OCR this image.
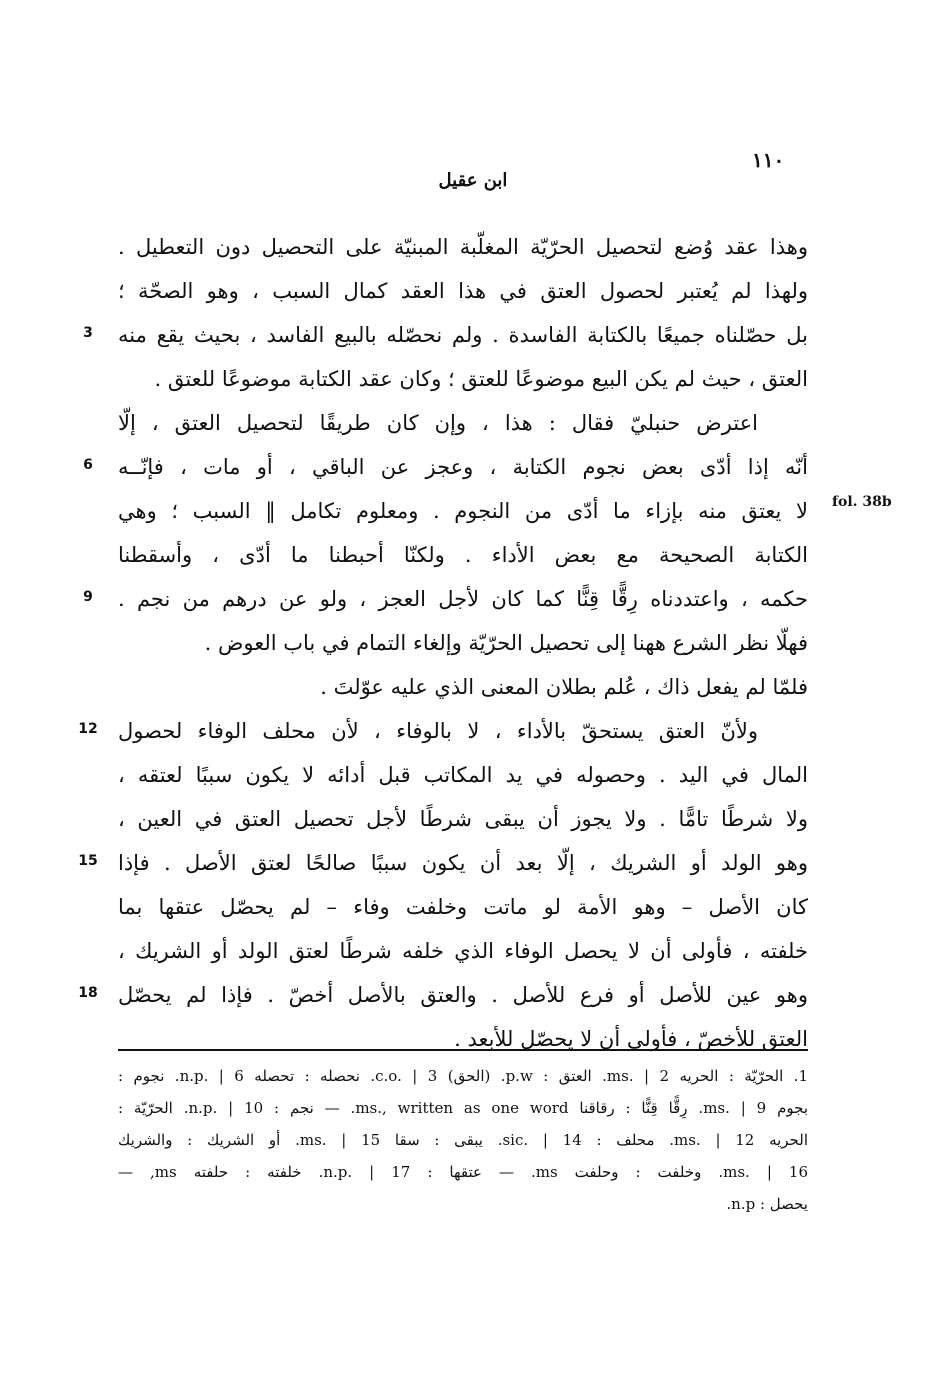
١١٠
ابن عقيل
وهذا عقد وُضع لتحصيل الحرّيّة المغلّبة المبنيّة على التحصيل دون التعطيل .
ولهذا لم يُعتبر لحصول العتق في هذا العقد كمال السبب ، وهو الصحّة ؛
بل حصّلناه جميعًا بالكتابة الفاسدة . ولم نحصّله بالبيع الفاسد ، بحيث يقع منه
العتق ، حيث لم يكن البيع موضوعًا للعتق ؛ وكان عقد الكتابة موضوعًا للعتق .
اعترض حنبليّ فقال : هذا ، وإن كان طريقًا لتحصيل العتق ، إلّا
أنّه إذا أدّى بعض نجوم الكتابة ، وعجز عن الباقي ، أو مات ، فإنّــه
لا يعتق منه بإزاء ما أدّى من النجوم . ومعلوم تكامل ‖ السبب ؛ وهي
الكتابة الصحيحة مع بعض الأداء . ولكنّا أحبطنا ما أدّى ، وأسقطنا
حكمه ، واعتددناه رِقًّا قِنًّا كما كان لأجل العجز ، ولو عن درهم من نجم .
فهلّا نظر الشرع ههنا إلى تحصيل الحرّيّة وإلغاء التمام في باب العوض .
فلمّا لم يفعل ذاك ، عُلم بطلان المعنى الذي عليه عوّلتَ .
ولأنّ العتق يستحقّ بالأداء ، لا بالوفاء ، لأن محلف الوفاء لحصول
المال في اليد . وحصوله في يد المكاتب قبل أدائه لا يكون سببًا لعتقه ،
ولا شرطًا تامًّا . ولا يجوز أن يبقى شرطًا لأجل تحصيل العتق في العين ،
وهو الولد أو الشريك ، إلّا بعد أن يكون سببًا صالحًا لعتق الأصل . فإذا
كان الأصل – وهو الأمة لو ماتت وخلفت وفاء – لم يحصّل عتقها بما
خلفته ، فأولى أن لا يحصل الوفاء الذي خلفه شرطًا لعتق الولد أو الشريك ،
وهو عين للأصل أو فرع للأصل . والعتق بالأصل أخصّ . فإذا لم يحصّل
العتق للأخصّ ، فأولى أن لا يحصّل للأبعد .
3
6
9
12
15
18
fol. 38b
1. الحرّيّة : الحريه ms. | 2. العتق : p.w. (الحق) c.o. | 3. نحصله : تحصله n.p. | 6. نجوم :
بجوم ms. | 9. رِقًّا قِنًّا : رقاقنا ms., written as one word. — نجم : n.p. | 10. الحرّيّة :
الحريه ms. | 12. محلف : sic. | 14. يبقى : سقا ms. | 15. أو الشريك : والشريك
ms. | 16. وخلفت : وحلفت ms. — عتقها : n.p. | 17. خلفته : حلفته ms, —
يحصل : n.p.
